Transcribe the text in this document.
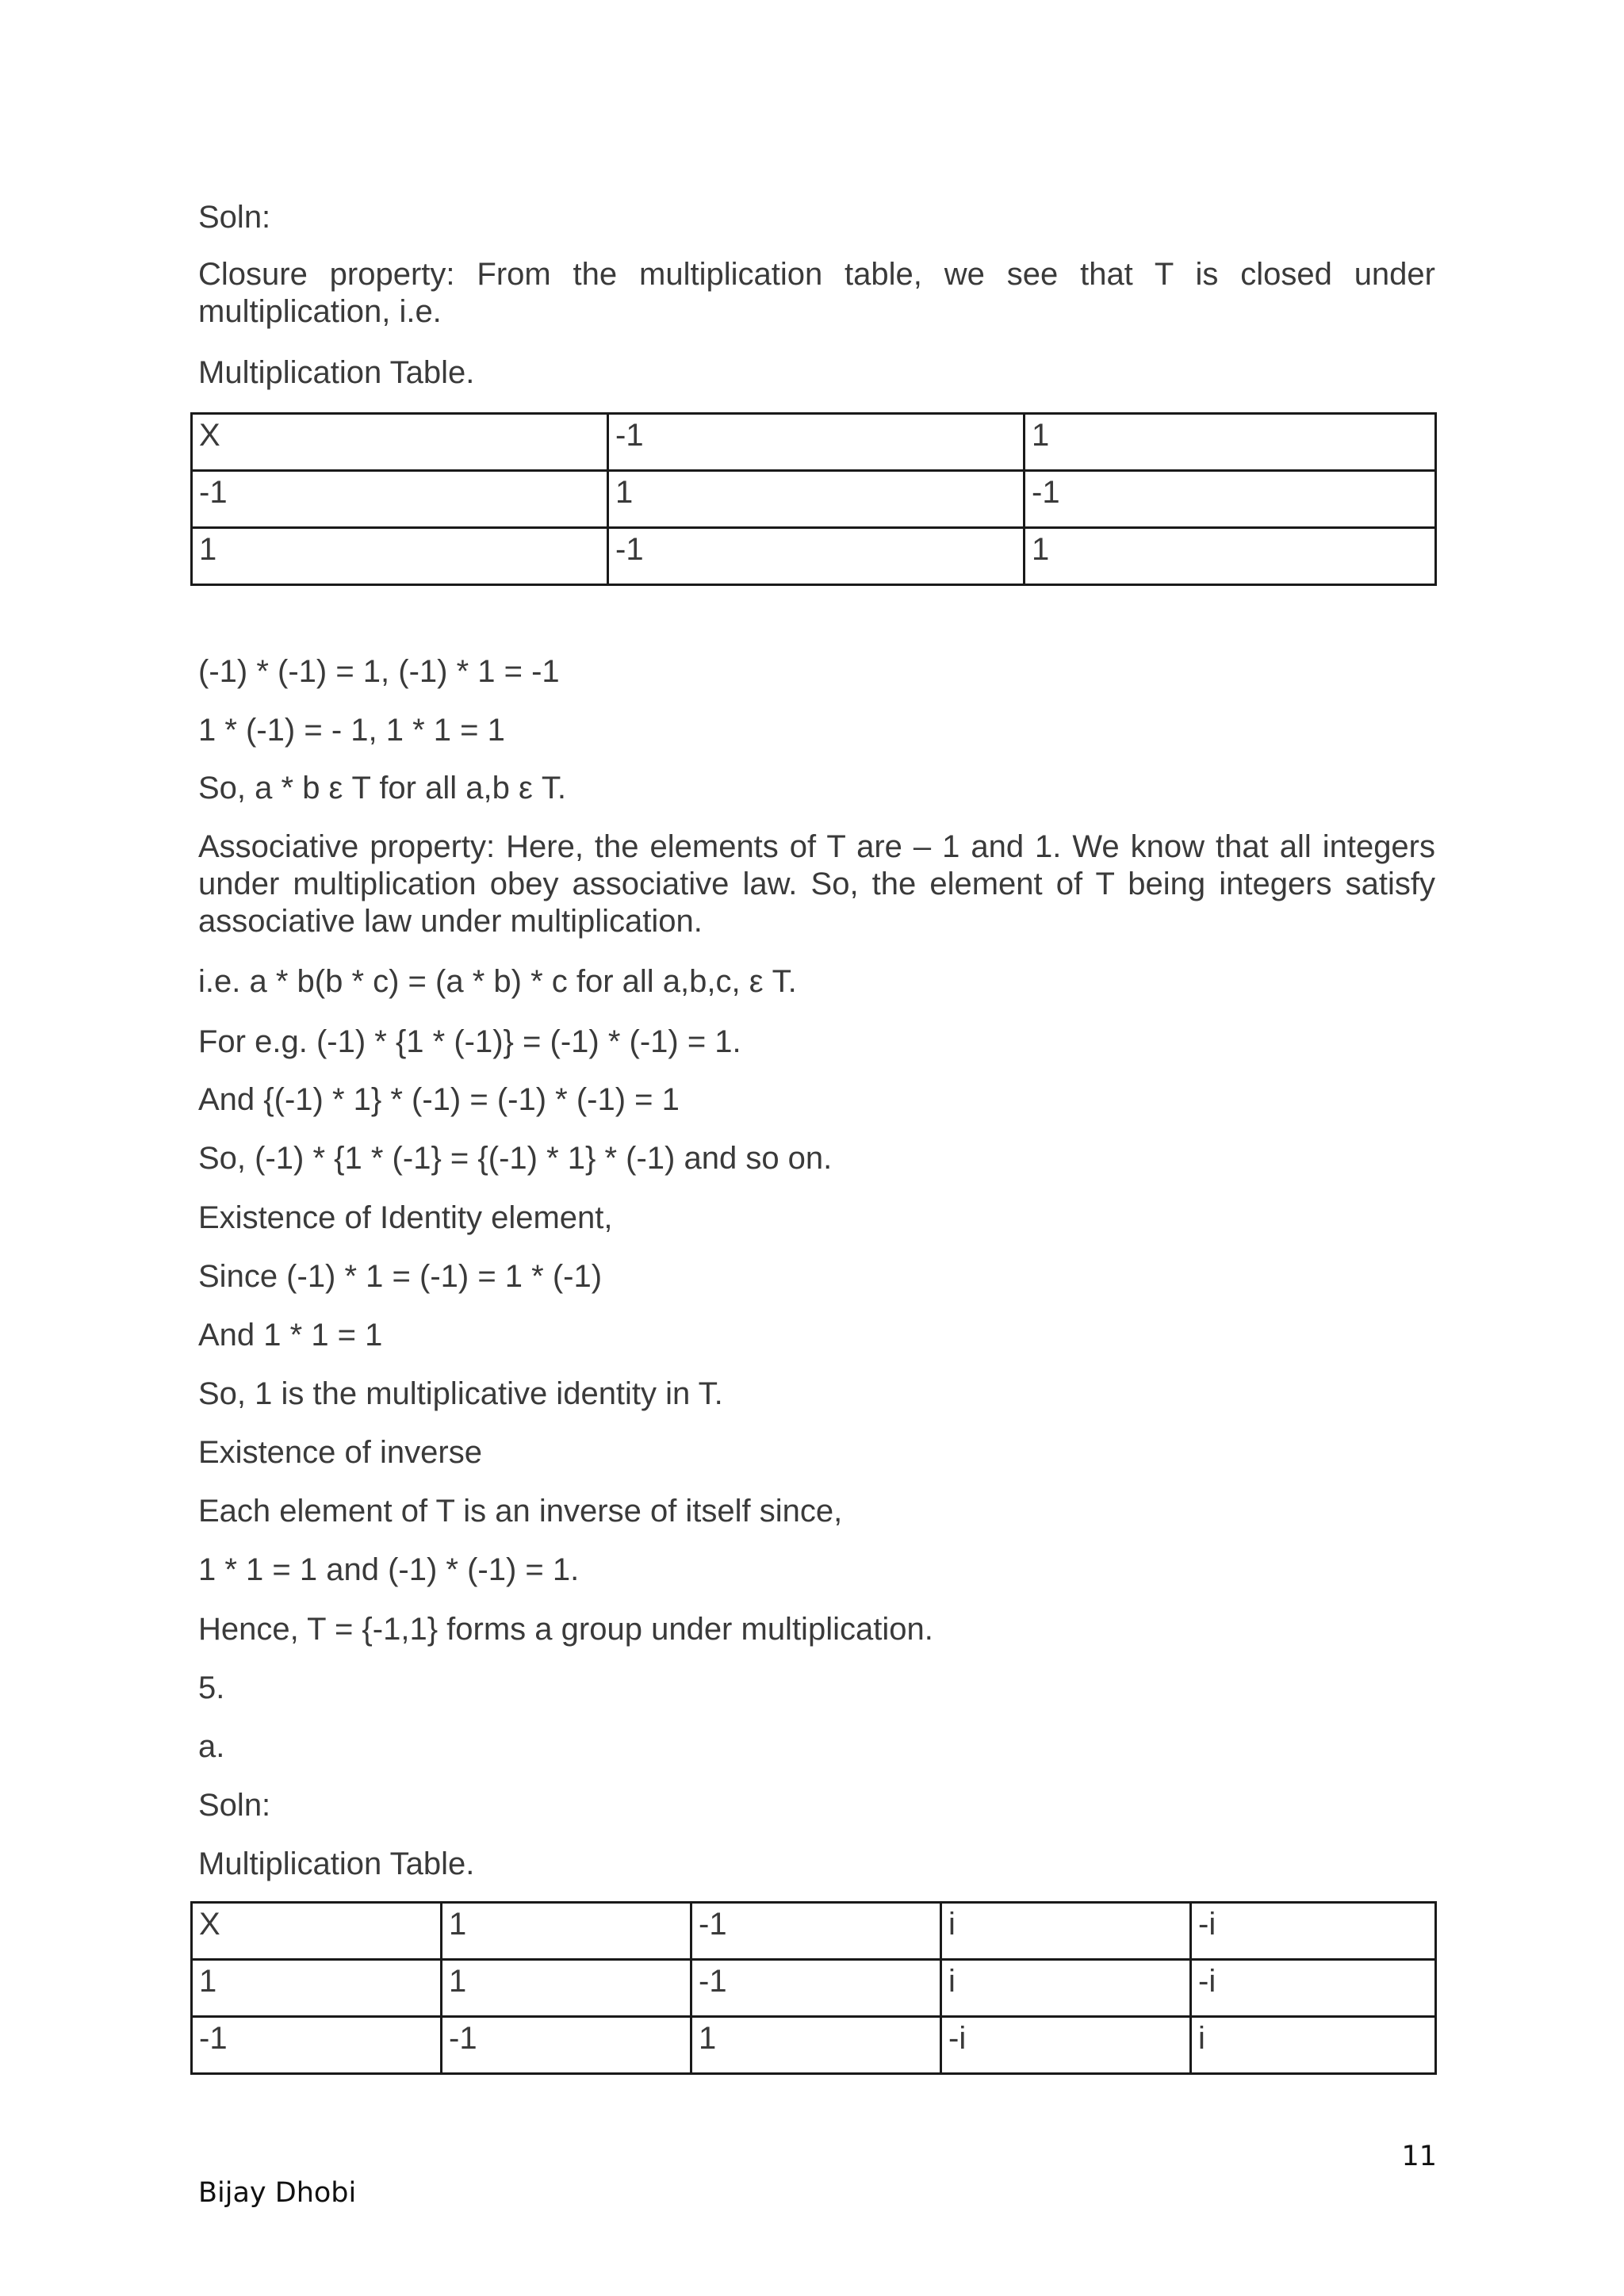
Soln:

Closure property: From the multiplication table, we see that T is closed under multiplication, i.e.

Multiplication Table.

X	-1	1
-1	1	-1
1	-1	1

(-1) * (-1) = 1, (-1) * 1 = -1

1 * (-1) = - 1, 1 * 1 = 1

So, a * b ε T for all a,b ε T.

Associative property: Here, the elements of T are – 1 and 1. We know that all integers under multiplication obey associative law. So, the element of T being integers satisfy associative law under multiplication.

i.e. a * b(b * c) = (a * b) * c for all a,b,c, ε T.

For e.g. (-1) * {1 * (-1)} = (-1) * (-1) = 1.

And {(-1) * 1} * (-1) = (-1) * (-1) = 1

So, (-1) * {1 * (-1} = {(-1) * 1} * (-1) and so on.

Existence of Identity element,

Since (-1) * 1 = (-1) = 1 * (-1)

And 1 * 1 = 1

So, 1 is the multiplicative identity in T.

Existence of inverse

Each element of T is an inverse of itself since,

1 * 1 = 1 and (-1) * (-1) = 1.

Hence, T = {-1,1} forms a group under multiplication.

5.

a.

Soln:

Multiplication Table.

X	1	-1	i	-i
1	1	-1	i	-i
-1	-1	1	-i	i

11

Bijay Dhobi
